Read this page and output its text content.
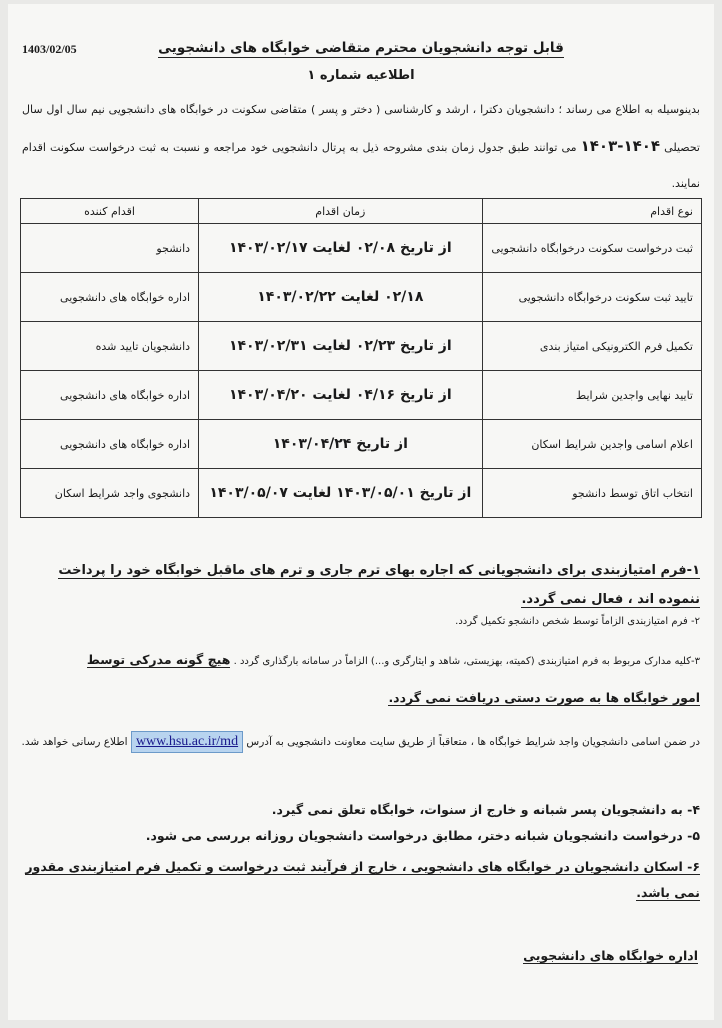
1403/02/05	قابل توجه دانشجویان محترم متقاضی خوابگاه های دانشجویی
اطلاعیه شماره ۱

بدینوسیله به اطلاع می رساند ؛ دانشجویان دکترا ، ارشد و کارشناسی ( دختر و پسر ) متقاضی سکونت در خوابگاه های دانشجویی نیم سال اول سال تحصیلی ۱۴۰۴-۱۴۰۳ می توانند طبق جدول زمان بندی مشروحه ذیل به پرتال دانشجویی خود مراجعه و نسبت به ثبت درخواست سکونت اقدام نمایند.

نوع اقدام	زمان اقدام	اقدام کننده
ثبت درخواست سکونت درخوابگاه دانشجویی	از تاریخ ۰۲/۰۸ لغایت ۱۴۰۳/۰۲/۱۷	دانشجو
تایید ثبت سکونت درخوابگاه دانشجویی	۰۲/۱۸ لغایت ۱۴۰۳/۰۲/۲۲	اداره خوابگاه های دانشجویی
تکمیل فرم الکترونیکی امتیاز بندی	از تاریخ ۰۲/۲۳ لغایت ۱۴۰۳/۰۲/۳۱	دانشجویان تایید شده
تایید نهایی واجدین شرایط	از تاریخ ۰۴/۱۶ لغایت ۱۴۰۳/۰۴/۲۰	اداره خوابگاه های دانشجویی
اعلام اسامی واجدین شرایط اسکان	از تاریخ ۱۴۰۳/۰۴/۲۴	اداره خوابگاه های دانشجویی
انتخاب اتاق توسط دانشجو	از تاریخ ۱۴۰۳/۰۵/۰۱ لغایت ۱۴۰۳/۰۵/۰۷	دانشجوی واجد شرایط اسکان
۱-فرم امتیازبندی برای دانشجویانی که اجاره بهای ترم جاری و ترم های ماقبل خوابگاه خود را پرداخت ننموده اند ، فعال نمی گردد.
۲- فرم امتیازبندی الزاماً توسط شخص دانشجو تکمیل گردد.
۳-کلیه مدارک مربوط به فرم امتیازبندی (کمیته، بهزیستی، شاهد و ایثارگری و...) الزاماً در سامانه بارگذاری گردد . هیچ گونه مدرکی توسط
امور خوابگاه ها به صورت دستی دریافت نمی گردد.
در ضمن اسامی دانشجویان واجد شرایط خوابگاه ها ، متعاقباً از طریق سایت معاونت دانشجویی به آدرس www.hsu.ac.ir/md اطلاع رسانی خواهد شد.
۴- به دانشجویان پسر شبانه و خارج از سنوات، خوابگاه تعلق نمی گیرد.
۵- درخواست دانشجویان شبانه دختر، مطابق درخواست دانشجویان روزانه بررسی می شود.
۶- اسکان دانشجویان در خوابگاه های دانشجویی ، خارج از فرآیند ثبت درخواست و تکمیل فرم امتیازبندی مقدور نمی باشد.
اداره خوابگاه های دانشجویی
